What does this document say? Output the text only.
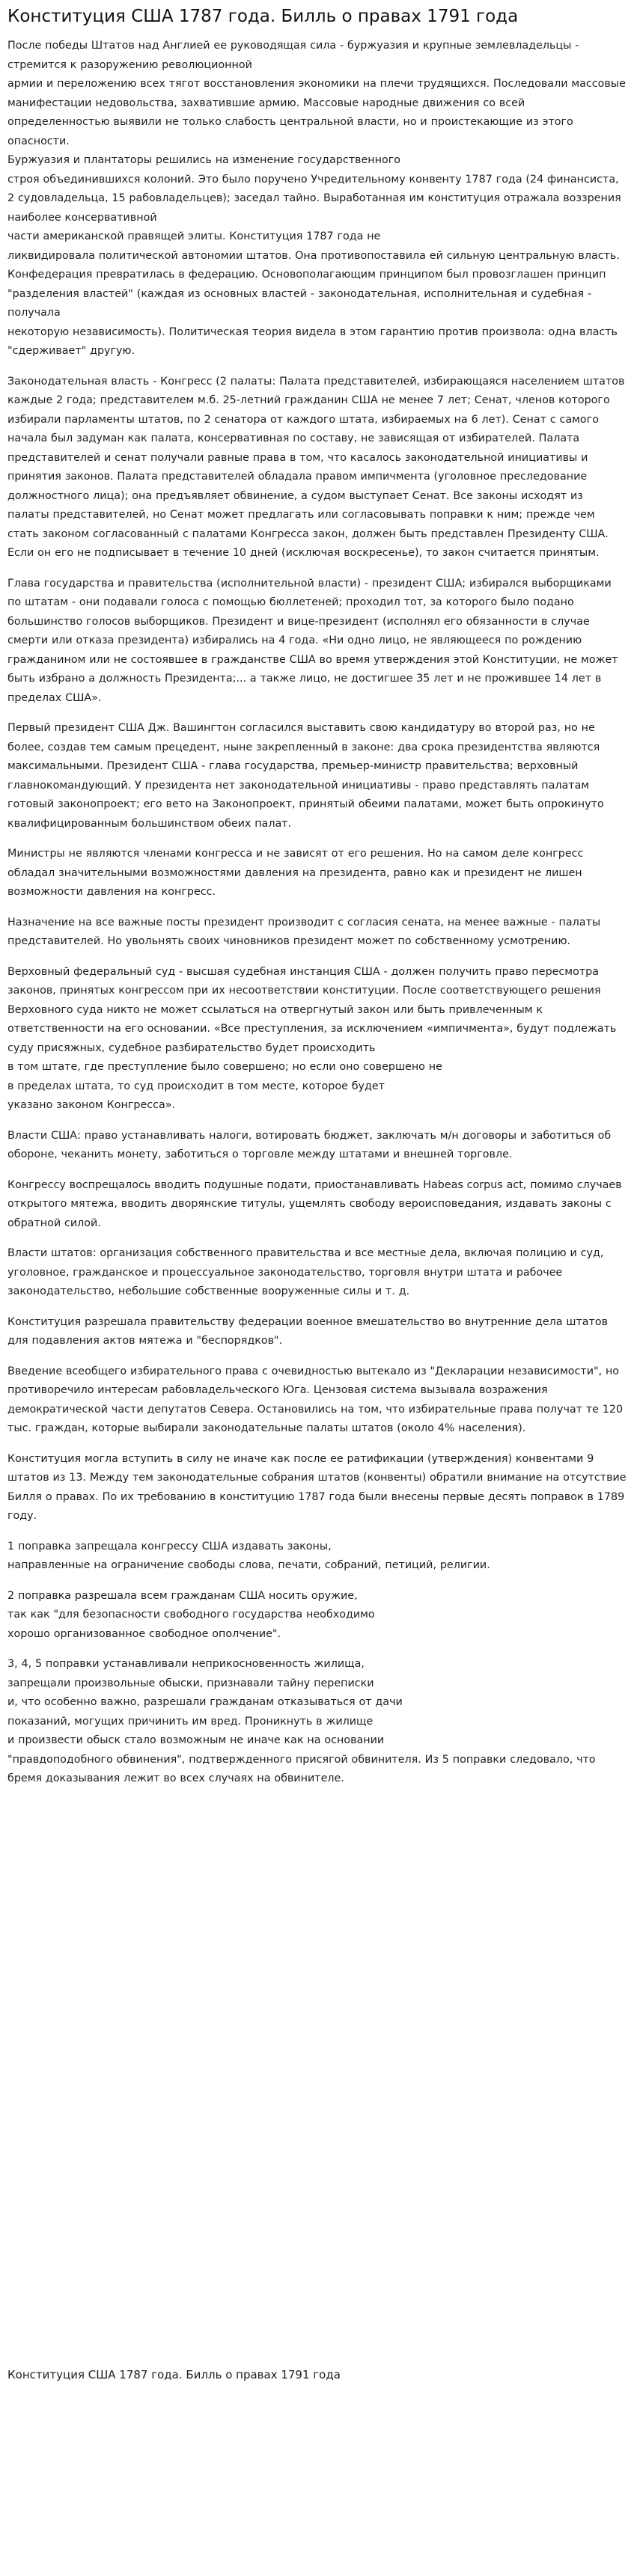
Конституция США 1787 года. Билль о правах 1791 года

После победы Штатов над Англией ее руководящая сила - буржуазия и крупные землевладельцы - стремится к разоружению революционной
армии и переложению всех тягот восстановления экономики на плечи трудящихся. Последовали массовые манифестации недовольства, захватившие армию. Массовые народные движения со всей определенностью выявили не только слабость центральной власти, но и проистекающие из этого опасности.
Буржуазия и плантаторы решились на изменение государственного
строя объединившихся колоний. Это было поручено Учредительному конвенту 1787 года (24 финансиста, 2 судовладельца, 15 рабовладельцев); заседал тайно. Выработанная им конституция отражала воззрения наиболее консервативной
части американской правящей элиты. Конституция 1787 года не
ликвидировала политической автономии штатов. Она противопоставила ей сильную центральную власть. Конфедерация превратилась в федерацию. Основополагающим принципом был провозглашен принцип "разделения властей" (каждая из основных властей - законодательная, исполнительная и судебная - получала
некоторую независимость). Политическая теория видела в этом гарантию против произвола: одна власть "сдерживает" другую.

Законодательная власть - Конгресс (2 палаты: Палата представителей, избирающаяся населением штатов каждые 2 года; представителем м.б. 25-летний гражданин США не менее 7 лет; Сенат, членов которого избирали парламенты штатов, по 2 сенатора от каждого штата, избираемых на 6 лет). Сенат с самого начала был задуман как палата, консервативная по составу, не зависящая от избирателей. Палата представителей и сенат получали равные права в том, что касалось законодательной инициативы и принятия законов. Палата представителей обладала правом импичмента (уголовное преследование должностного лица); она предъявляет обвинение, а судом выступает Сенат. Все законы исходят из палаты представителей, но Сенат может предлагать или согласовывать поправки к ним; прежде чем стать законом согласованный с палатами Конгресса закон, должен быть представлен Президенту США. Если он его не подписывает в течение 10 дней (исключая воскресенье), то закон считается принятым.

Глава государства и правительства (исполнительной власти) - президент США; избирался выборщиками по штатам - они подавали голоса с помощью бюллетеней; проходил тот, за которого было подано большинство голосов выборщиков. Президент и вице-президент (исполнял его обязанности в случае смерти или отказа президента) избирались на 4 года. «Ни одно лицо, не являющееся по рождению гражданином или не состоявшее в гражданстве США во время утверждения этой Конституции, не может быть избрано а должность Президента;... а также лицо, не достигшее 35 лет и не прожившее 14 лет в пределах США».

Первый президент США Дж. Вашингтон согласился выставить свою кандидатуру во второй раз, но не более, создав тем самым прецедент, ныне закрепленный в законе: два срока президентства являются максимальными. Президент США - глава государства, премьер-министр правительства; верховный главнокомандующий. У президента нет законодательной инициативы - право представлять палатам готовый законопроект; его вето на Законопроект, принятый обеими палатами, может быть опрокинуто квалифицированным большинством обеих палат.

Министры не являются членами конгресса и не зависят от его решения. Но на самом деле конгресс обладал значительными возможностями давления на президента, равно как и президент не лишен возможности давления на конгресс.

Назначение на все важные посты президент производит с согласия сената, на менее важные - палаты представителей. Но увольнять своих чиновников президент может по собственному усмотрению.

Верховный федеральный суд - высшая судебная инстанция США - должен получить право пересмотра законов, принятых конгрессом при их несоответствии конституции. После соответствующего решения Верховного суда никто не может ссылаться на отвергнутый закон или быть привлеченным к ответственности на его основании. «Все преступления, за исключением «импичмента», будут подлежать суду присяжных, судебное разбирательство будет происходить
в том штате, где преступление было совершено; но если оно совершено не
в пределах штата, то суд происходит в том месте, которое будет
указано законом Конгресса».

Власти США: право устанавливать налоги, вотировать бюджет, заключать м/н договоры и заботиться об обороне, чеканить монету, заботиться о торговле между штатами и внешней торговле.

Конгрессу воспрещалось вводить подушные подати, приостанавливать Habeas corpus act, помимо случаев открытого мятежа, вводить дворянские титулы, ущемлять свободу вероисповедания, издавать законы с обратной силой.

Власти штатов: организация собственного правительства и все местные дела, включая полицию и суд, уголовное, гражданское и процессуальное законодательство, торговля внутри штата и рабочее законодательство, небольшие собственные вооруженные силы и т. д.

Конституция разрешала правительству федерации военное вмешательство во внутренние дела штатов для подавления актов мятежа и "беспорядков".

Введение всеобщего избирательного права с очевидностью вытекало из "Декларации независимости", но противоречило интересам рабовладельческого Юга. Цензовая система вызывала возражения демократической части депутатов Севера. Остановились на том, что избирательные права получат те 120 тыс. граждан, которые выбирали законодательные палаты штатов (около 4% населения).

Конституция могла вступить в силу не иначе как после ее ратификации (утверждения) конвентами 9 штатов из 13. Между тем законодательные собрания штатов (конвенты) обратили внимание на отсутствие Билля о правах. По их требованию в конституцию 1787 года были внесены первые десять поправок в 1789 году.

1 поправка запрещала конгрессу США издавать законы,
направленные на ограничение свободы слова, печати, собраний, петиций, религии.

2 поправка разрешала всем гражданам США носить оружие,
так как "для безопасности свободного государства необходимо
хорошо организованное свободное ополчение".

3, 4, 5 поправки устанавливали неприкосновенность жилища,
запрещали произвольные обыски, признавали тайну переписки
и, что особенно важно, разрешали гражданам отказываться от дачи
показаний, могущих причинить им вред. Проникнуть в жилище
и произвести обыск стало возможным не иначе как на основании
"правдоподобного обвинения", подтвержденного присягой обвинителя. Из 5 поправки следовало, что бремя доказывания лежит во всех случаях на обвинителе.

Конституция США 1787 года. Билль о правах 1791 года
